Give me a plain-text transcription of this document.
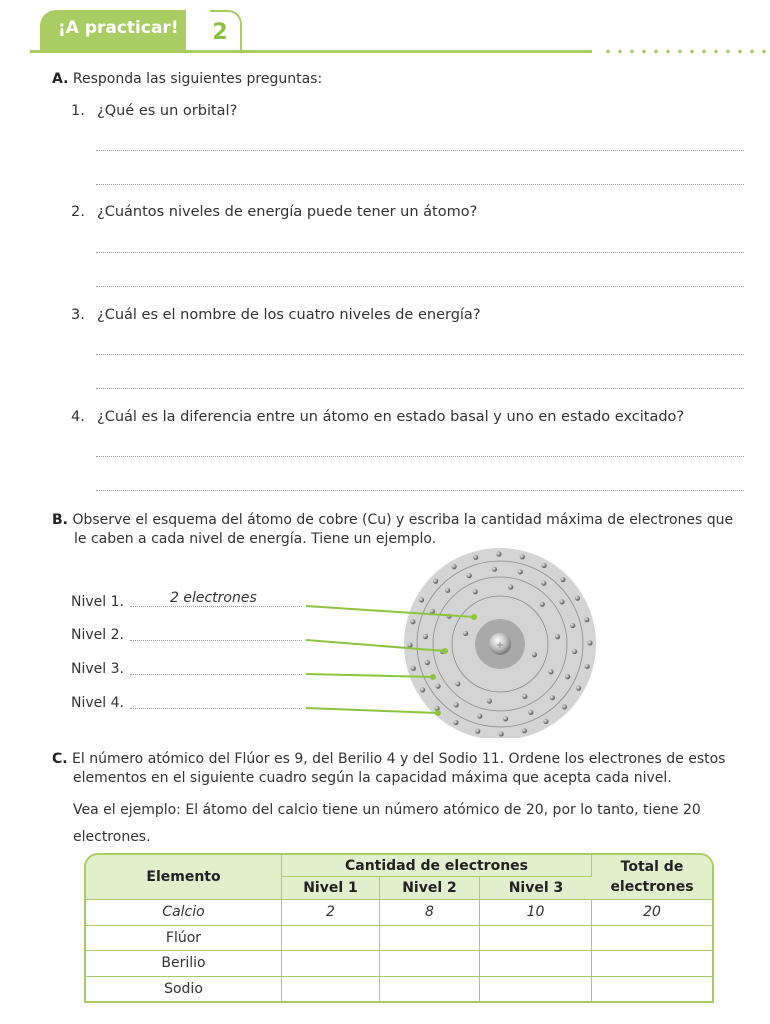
¡A practicar!	2
A. Responda las siguientes preguntas:
1. ¿Qué es un orbital?
2. ¿Cuántos niveles de energía puede tener un átomo?
3. ¿Cuál es el nombre de los cuatro niveles de energía?
4. ¿Cuál es la diferencia entre un átomo en estado basal y uno en estado excitado?
B. Observe el esquema del átomo de cobre (Cu) y escriba la cantidad máxima de electrones que
le caben a cada nivel de energía. Tiene un ejemplo.
Nivel 1.	2 electrones
Nivel 2.
Nivel 3.
Nivel 4.
+
C. El número atómico del Flúor es 9, del Berilio 4 y del Sodio 11. Ordene los electrones de estos
elementos en el siguiente cuadro según la capacidad máxima que acepta cada nivel.
Vea el ejemplo: El átomo del calcio tiene un número atómico de 20, por lo tanto, tiene 20
electrones.
Elemento	Cantidad de electrones			Total de electrones
	Nivel 1	Nivel 2	Nivel 3	
Calcio	2	8	10	20
Flúor				
Berilio				
Sodio				
